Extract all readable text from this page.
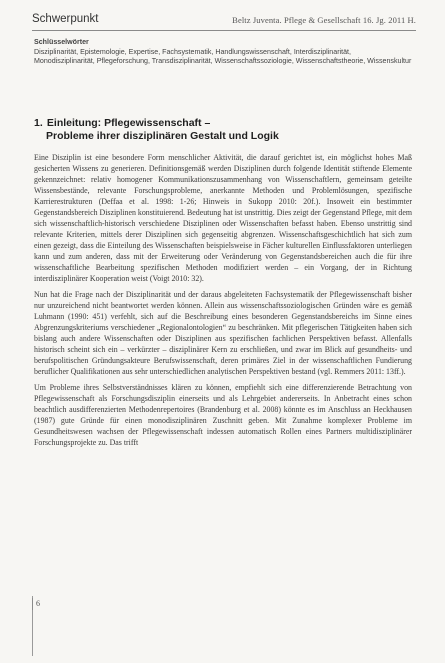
Schwerpunkt	Beltz Juventa. Pflege & Gesellschaft 16. Jg. 2011 H.
Schlüsselwörter
Disziplinarität, Epistemologie, Expertise, Fachsystematik, Handlungswissenschaft, Interdisziplinarität, Monodisziplinarität, Pflegeforschung, Transdisziplinarität, Wissenschaftssoziologie, Wissenschaftstheorie, Wissenskultur
1. Einleitung: Pflegewissenschaft –
Probleme ihrer disziplinären Gestalt und Logik

Eine Disziplin ist eine besondere Form menschlicher Aktivität, die darauf gerichtet ist, ein möglichst hohes Maß gesicherten Wissens zu generieren. Definitionsgemäß werden Disziplinen durch folgende Identität stiftende Elemente gekennzeichnet: relativ homogener Kommunikationszusammenhang von Wissenschaftlern, gemeinsam geteilte Wissensbestände, relevante Forschungsprobleme, anerkannte Methoden und Problemlösungen, spezifische Karrierestrukturen (Deffaa et al. 1998: 1-26; Hinweis in Sukopp 2010: 20f.). Insoweit ein bestimmter Gegenstandsbereich Disziplinen konstituierend. Bedeutung hat ist unstrittig. Dies zeigt der Gegenstand Pflege, mit dem sich wissenschaftlich-historisch verschiedene Disziplinen oder Wissenschaften befasst haben. Ebenso unstrittig sind relevante Kriterien, mittels derer Disziplinen sich gegenseitig abgrenzen. Wissenschaftsgeschichtlich hat sich zum einen gezeigt, dass die Einteilung des Wissenschaften beispielsweise in Fächer kulturellen Einflussfaktoren unterliegen kann und zum anderen, dass mit der Erweiterung oder Veränderung von Gegenstandsbereichen auch die für ihre wissenschaftliche Bearbeitung spezifischen Methoden modifiziert werden – ein Vorgang, der in Richtung interdisziplinärer Kooperation weist (Voigt 2010: 32).

Nun hat die Frage nach der Disziplinarität und der daraus abgeleiteten Fachsystematik der Pflegewissenschaft bisher nur unzureichend nicht beantwortet werden können. Allein aus wissenschaftssoziologischen Gründen wäre es gemäß Luhmann (1990: 451) verfehlt, sich auf die Beschreibung eines besonderen Gegenstandsbereichs im Sinne eines Abgrenzungskriteriums verschiedener „Regionalontologien“ zu beschränken. Mit pflegerischen Tätigkeiten haben sich bislang auch andere Wissenschaften oder Disziplinen aus spezifischen fachlichen Perspektiven befasst. Allenfalls historisch scheint sich ein – verkürzter – disziplinärer Kern zu erschließen, und zwar im Blick auf gesundheits- und berufspolitischen Gründungsakteure Berufswissenschaft, deren primäres Ziel in der wissenschaftlichen Fundierung beruflicher Qualifikationen aus sehr unterschiedlichen analytischen Perspektiven bestand (vgl. Remmers 2011: 13ff.).

Um Probleme ihres Selbstverständnisses klären zu können, empfiehlt sich eine differenzierende Betrachtung von Pflegewissenschaft als Forschungsdisziplin einerseits und als Lehrgebiet andererseits. In Anbetracht eines schon beachtlich ausdifferenzierten Methodenrepertoires (Brandenburg et al. 2008) könnte es im Anschluss an Heckhausen (1987) gute Gründe für einen monodisziplinären Zuschnitt geben. Mit Zunahme komplexer Probleme im Gesundheitswesen wachsen der Pflegewissenschaft indessen automatisch Rollen eines Partners multidisziplinärer Forschungsprojekte zu. Das trifft

6
